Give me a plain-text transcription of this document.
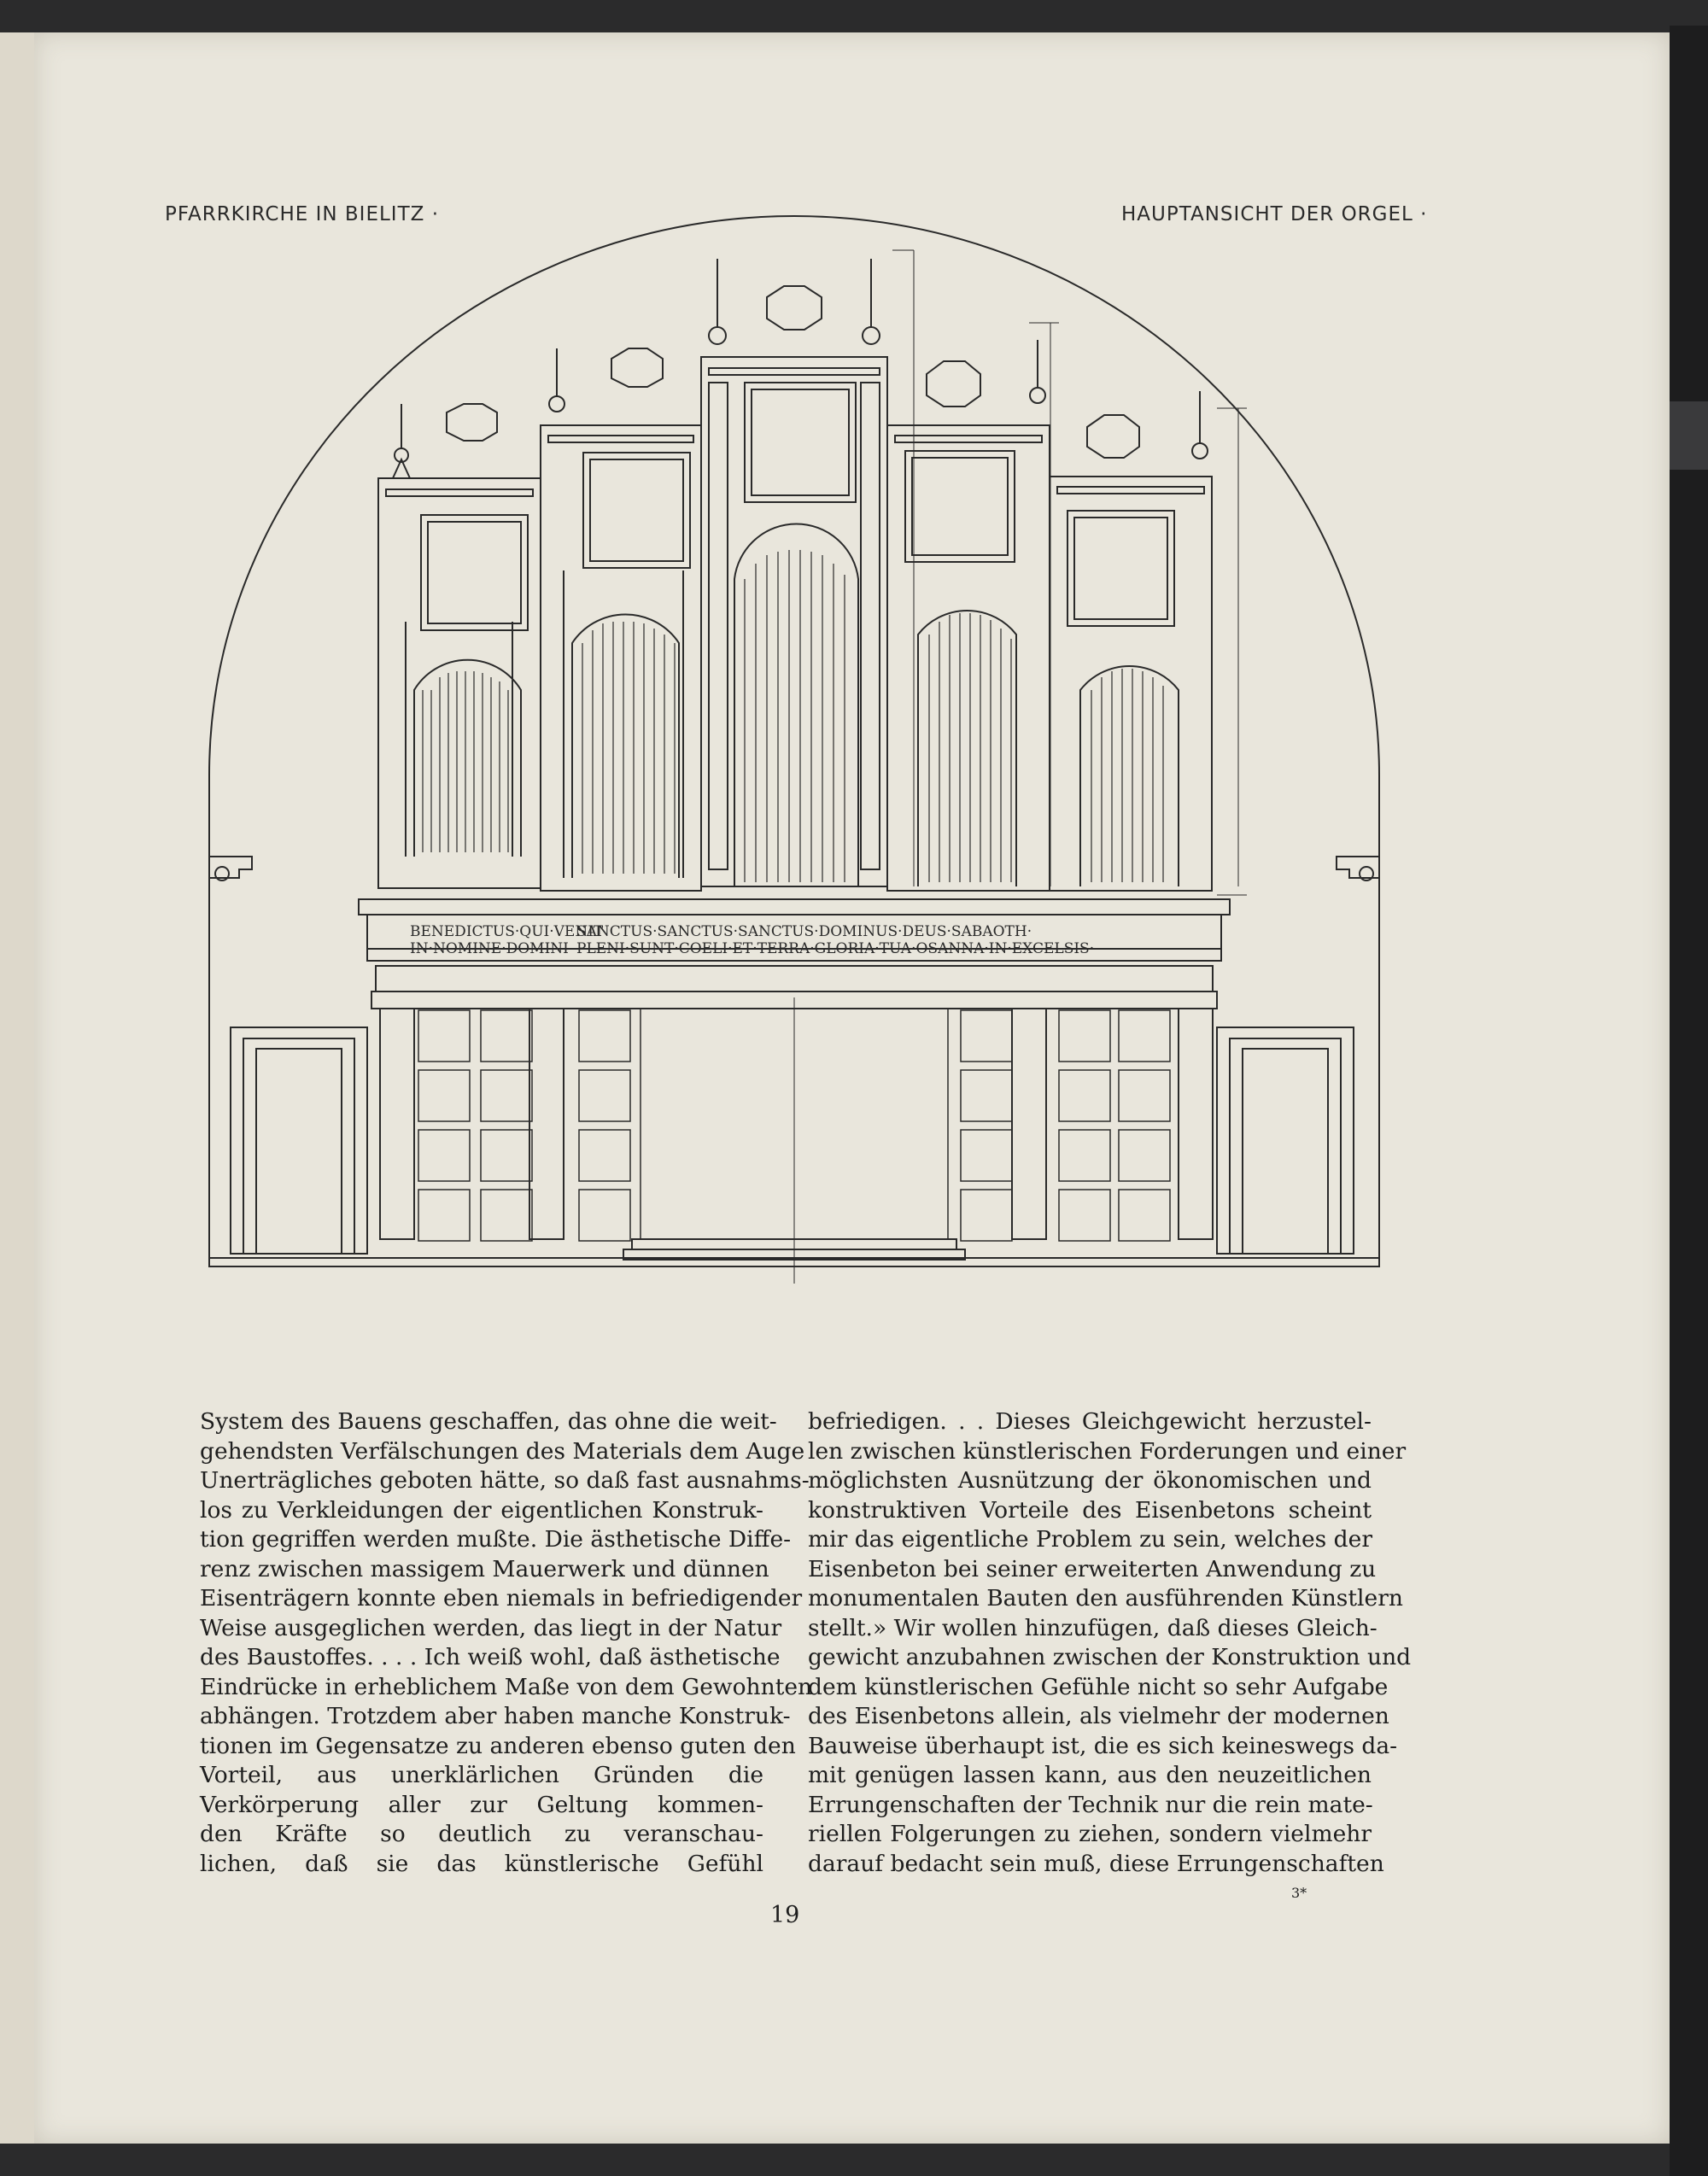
PFARRKIRCHE IN BIELITZ ·	HAUPTANSICHT DER ORGEL ·
BENEDICTUS·QUI·VENIT
IN·NOMINE·DOMINI
SANCTUS·SANCTUS·SANCTUS·DOMINUS·DEUS·SABAOTH·
PLENI·SUNT·COELI·ET·TERRA·GLORIA·TUA·OSANNA·IN·EXCELSIS·
System des Bauens geschaffen, das ohne die weit-
gehendsten Verfälschungen des Materials dem Auge
Unerträgliches geboten hätte, so daß fast ausnahms-
los zu Verkleidungen der eigentlichen Konstruk-
tion gegriffen werden mußte. Die ästhetische Diffe-
renz zwischen massigem Mauerwerk und dünnen
Eisenträgern konnte eben niemals in befriedigender
Weise ausgeglichen werden, das liegt in der Natur
des Baustoffes. . . . Ich weiß wohl, daß ästhetische
Eindrücke in erheblichem Maße von dem Gewohnten
abhängen. Trotzdem aber haben manche Konstruk-
tionen im Gegensatze zu anderen ebenso guten den
Vorteil, aus unerklärlichen Gründen die
Verkörperung aller zur Geltung kommen-
den Kräfte so deutlich zu veranschau-
lichen, daß sie das künstlerische Gefühl
befriedigen. . . Dieses Gleichgewicht herzustel-
len zwischen künstlerischen Forderungen und einer
möglichsten Ausnützung der ökonomischen und
konstruktiven Vorteile des Eisenbetons scheint
mir das eigentliche Problem zu sein, welches der
Eisenbeton bei seiner erweiterten Anwendung zu
monumentalen Bauten den ausführenden Künstlern
stellt.» Wir wollen hinzufügen, daß dieses Gleich-
gewicht anzubahnen zwischen der Konstruktion und
dem künstlerischen Gefühle nicht so sehr Aufgabe
des Eisenbetons allein, als vielmehr der modernen
Bauweise überhaupt ist, die es sich keineswegs da-
mit genügen lassen kann, aus den neuzeitlichen
Errungenschaften der Technik nur die rein mate-
riellen Folgerungen zu ziehen, sondern vielmehr
darauf bedacht sein muß, diese Errungenschaften
19
3*
